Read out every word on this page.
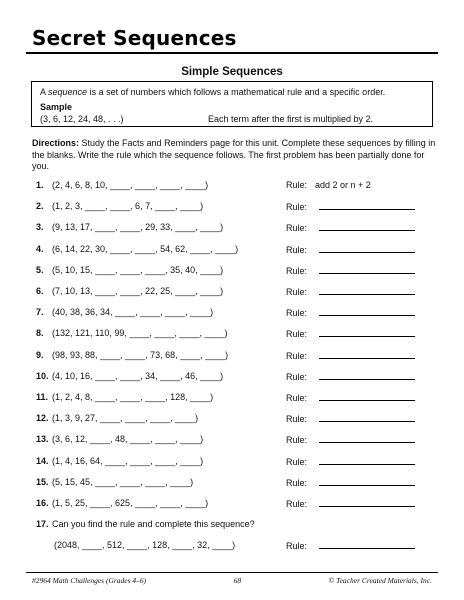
Secret Sequences
Simple Sequences
A sequence is a set of numbers which follows a mathematical rule and a specific order.
Sample
(3, 6, 12, 24, 48, . . .)	Each term after the first is multiplied by 2.
Directions: Study the Facts and Reminders page for this unit. Complete these sequences by filling in the blanks. Write the rule which the sequence follows. The first problem has been partially done for you.
1. (2, 4, 6, 8, 10, ____, ____, ____, ____)	Rule: add 2 or n + 2
2. (1, 2, 3, ____, ____, 6, 7, ____, ____)	Rule:
3. (9, 13, 17, ____, ____, 29, 33, ____, ____)	Rule:
4. (6, 14, 22, 30, ____, ____, 54, 62, ____, ____)	Rule:
5. (5, 10, 15, ____, ____, ____, 35, 40, ____)	Rule:
6. (7, 10, 13, ____, ____, 22, 25, ____, ____)	Rule:
7. (40, 38, 36, 34, ____, ____, ____, ____)	Rule:
8. (132, 121, 110, 99, ____, ____, ____, ____)	Rule:
9. (98, 93, 88, ____, ____, 73, 68, ____, ____)	Rule:
10. (4, 10, 16, ____, ____, 34, ____, 46, ____)	Rule:
11. (1, 2, 4, 8, ____, ____, ____, 128, ____)	Rule:
12. (1, 3, 9, 27, ____, ____, ____, ____)	Rule:
13. (3, 6, 12, ____, 48, ____, ____, ____)	Rule:
14. (1, 4, 16, 64, ____, ____, ____, ____)	Rule:
15. (5, 15, 45, ____, ____, ____, ____)	Rule:
16. (1, 5, 25, ____, 625, ____, ____, ____)	Rule:
17. Can you find the rule and complete this sequence?
(2048, ____, 512, ____, 128, ____, 32, ____)	Rule:
#2964 Math Challenges (Grades 4–6)	68	© Teacher Created Materials, Inc.
